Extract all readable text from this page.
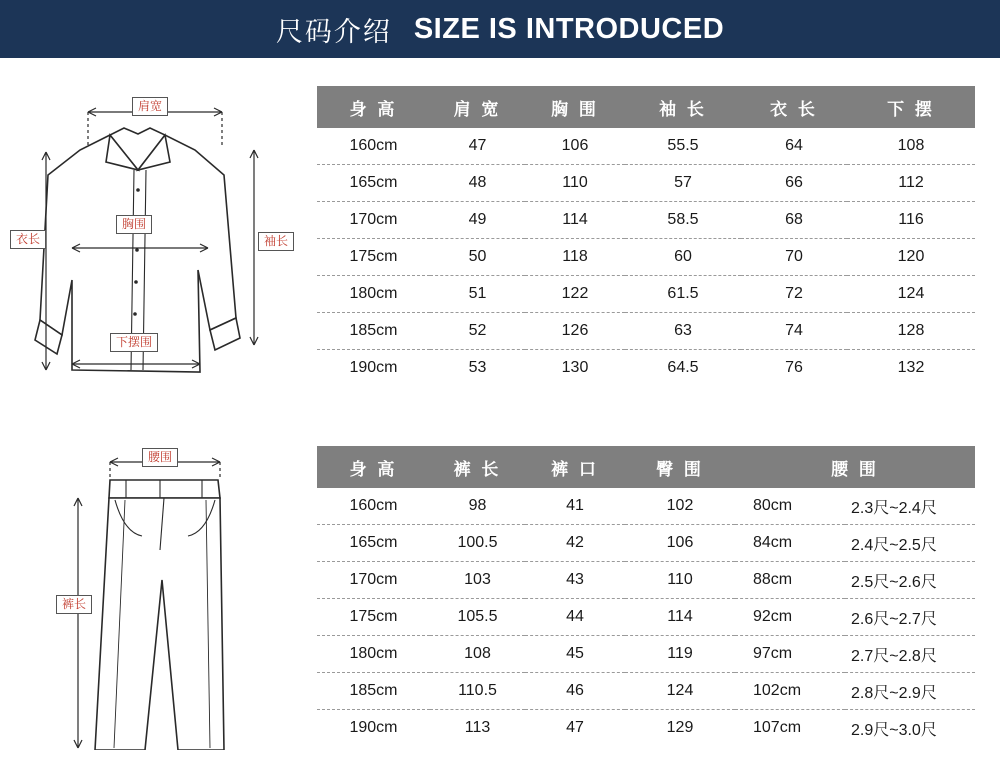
尺码介绍 SIZE IS INTRODUCED
肩宽
胸围
衣长	袖长
下摆围
腰围
裤长
身 高	肩 宽	胸 围	袖 长	衣 长	下 摆
160cm	47	106	55.5	64	108
165cm	48	110	57	66	112
170cm	49	114	58.5	68	116
175cm	50	118	60	70	120
180cm	51	122	61.5	72	124
185cm	52	126	63	74	128
190cm	53	130	64.5	76	132
身 高	裤 长	裤 口	臀 围	腰 围	
160cm	98	41	102	80cm	2.3尺~2.4尺
165cm	100.5	42	106	84cm	2.4尺~2.5尺
170cm	103	43	110	88cm	2.5尺~2.6尺
175cm	105.5	44	114	92cm	2.6尺~2.7尺
180cm	108	45	119	97cm	2.7尺~2.8尺
185cm	110.5	46	124	102cm	2.8尺~2.9尺
190cm	113	47	129	107cm	2.9尺~3.0尺
